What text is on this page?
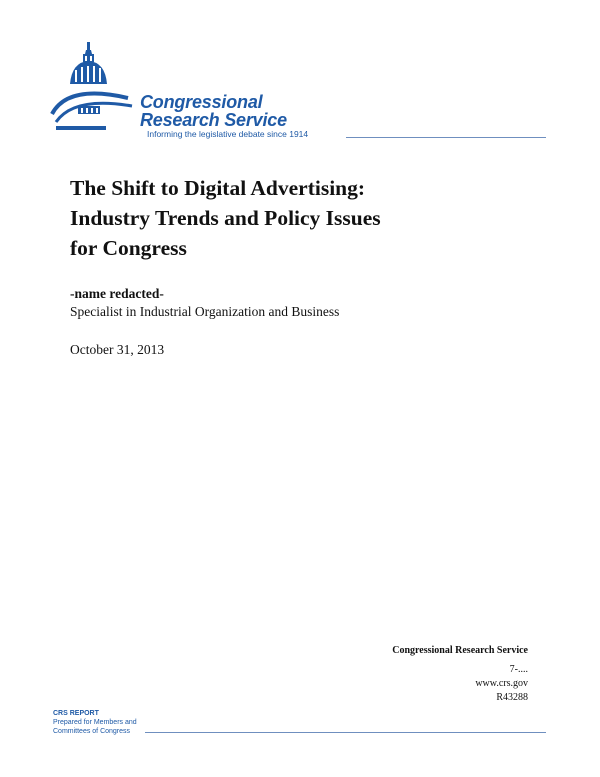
Congressional
Research Service
Informing the legislative debate since 1914
The Shift to Digital Advertising:
Industry Trends and Policy Issues
for Congress
-name redacted-
Specialist in Industrial Organization and Business
October 31, 2013
Congressional Research Service
7-....
www.crs.gov
R43288
CRS REPORT
Prepared for Members and
Committees of Congress
